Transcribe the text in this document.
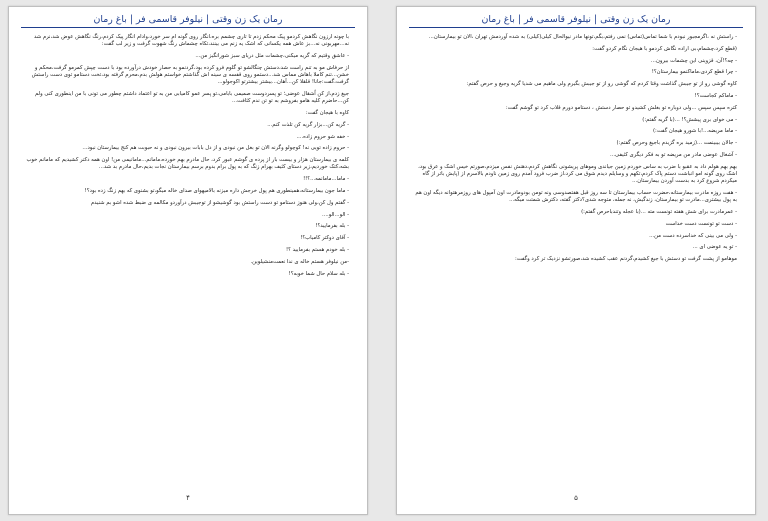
رمان یک زن وقتی | نیلوفر قاسمی فر | باغ رمان

با چونه ارزون نگاهش کردمو پیک محکم زدم تا تاری چشمم بره،انگار روی گونه ام سر خورد،وادام انگار پیک کردم،رنگ نگاهش عوض شد،نرم شد نه...مهربونی نه...بز عاش همه یکسانی که اشک یه زنم می بینند،تکاه چشماش رنگ شهوت گرفت و زیر لب گفت:

- عاشق وقتیم که گریه میکنی،چشمات مثل دریای سبز شورانگیز من...

از حرفاش مو به تنم راست شد،دستش چنگالشو تو گلوم فرو کرده بود،گردنمو به حصار خودش درآورده بود با دست چپش کمرمو گرفت،محکم و خشن...تنم کاملا باهاش مماس شد...دستمو روی قفسه ی سینه اش گذاشتم خواستم هولش بدم،محرم گرفته بود،تخت دستامو توی دست راستش گرفت،گفت:جانا! قلقلا کن...آهان...بیشتر بیشترتو اکوجولو...

جیغ زدم،از کن اُشقال عوضی؛ تو پسردوست صمیمی بابامی،تو پسر عمو کامیابی من به تو اعتماد داشتم چطور می تونی با من اینطوری کنی ولم کن...حاضرم کلیه هامو بفروشم به تو تن ندم کثافت...

کاوه با هیجان گفت:

- گریه کن...بزار گریه کن تلذت کنم...

- خفه شو حروم زاده....

- حروم زاده تویی نه! کوچولو وگرنه الان تو بغل من نبودی و از دل بابات بیرون نبودی و نه حبوبت هم کنج بیمارستان نبود...

کلمه ی بیمارستان هزار و بیست بار از پرده ی گوشم عبور کرد، حال مادرم بهم خورده،مامانم...مامانیمی من! اون همه دکتر کشیدیم که مامانم خوب بشه،کتک خوردیم،زیر دستای کثیف بهرام زنگ که به پول برام بدوم برسم بیمارستان نجات بدیم،حال مادرم بد شد...

- ماما...مامانمه...؟!!

- ماما جون بیمارستانه،همینطوری هم پول خرجش داره میزنه بالامیهوای صدای خاله میگو،تو بشنوی که بهم زنگ زده بود؟!

- گفتم ول کن،ولی هنوز دستامو تو دست راستش بود گوشیشو از توجیبش درآوردو مکالمه ی ضبط شده اشو بم شنیدم

- الو...الو....

- بله بفرمایید؟!

- آقای دوکتر کامیاب؟!

- بله خودم هستم بفرمایید ؟!

-من نیلوفر هستم خاله ی ندا نعمت‌منشیلوین.

- بله سلام حال شما خوبه؟!

۴
رمان یک زن وقتی | نیلوفر قاسمی فر | باغ رمان

- راستش نه ،اگرمجبور نبودم با شما تماس(تماس) نمی رفتم،بگم،تونها مادر نیوالحال کیلی(کیلی) به شده آوردمش تهران ،الان تو بیمارستان...

(قطع کرد،چشمام،بی اراده نگاش کردمو با هیجان نگام کردو گفت:

- چه؟!آن، قزوینی این چشمات بیرون...

- چرا قطع کردی،ماماکنمو بیمارستان؟!

کاوه گوشی رو از تو جیبش گذاشت وقتا کردم که گوشی رو از تو جیبش بگیرم ولی ماهیم می شدیا گریه وجیغ و حرص گفتم:

- ماماکم کجاست؟!

کتره سپس سپس ...ولی دوباره تو بغلش کشیدو تو حصار دستش ، دستامو دورم قلاب کرد تو گوشم گفت:

- می خوای بری پیشش؟! ...(با گریه گفتم:)

- ماما مریضه...!با شورو هیجان گفت:)

- جالان بیبینمت ...(زمید بره گزیدم باجیغ وحرص گفتم:)

- آشغال عوضی مادر من مریضه تو به فکر دیگری کثیفی...

بهم بهم هولم داد به عقبو با ضرب به ساس خوردم زمین جیاندی وموهای پریشونی نگاهش کردم،دهنش نفس میزدم،صورتم خیس اشک و عرق بود، اشک روی گونه امو انباشت دستم پاک کردم،تکهم و وسایلم دیدم شوق می کرد،از ضرب فرود آمدم روی زمین ناودم بالاسرم از (پایش باتر از گاه میکردم شروع کرد به بدست آوردن بیمارستان...

- هفت روزه مادرت بیمارستانه،حضرت حساب بیمارستان تا سه روز قبل هفتصدوسی ونه تومن بودومادرت اون آمپول های روزمرهتوانه دیگه اون هم به پول بیشتری...مادرت تو بیمارستان، زندگیش، نه جمله، متوجه شدی؟دکتر گفته، دکترش شمتت میگه...

- عمرمادرت برای شش هفته تونست مته ...(با عجله وتندباحرص گفتم:)

- دست تو تونست دست خداست

- ولی می بینی که خداسرده دست من...

- تو یه عوضی ای ...

موهامو از پشت گرفت تو دستش با جیغ کشیدم،گردنم عقب کشیده شد،صورتشو نزدیک تر کرد وگفت:

۵
